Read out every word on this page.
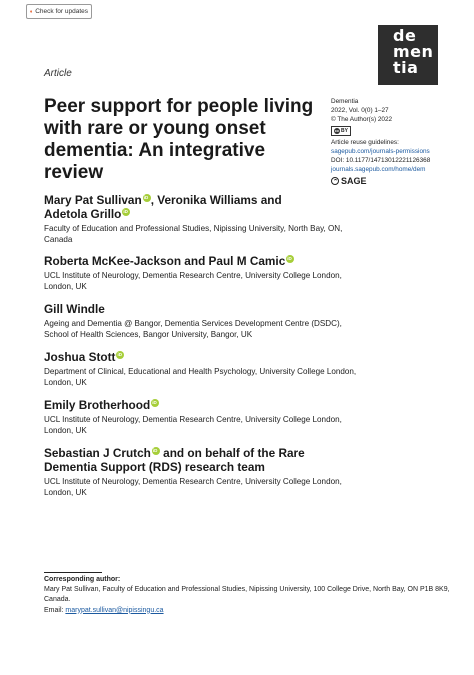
Check for updates
de
men
tia
Article
Peer support for people living with rare or young onset dementia: An integrative review
Dementia
2022, Vol. 0(0) 1–27
© The Author(s) 2022
cc BY
Article reuse guidelines:
sagepub.com/journals-permissions
DOI: 10.1177/14713012221126368
journals.sagepub.com/home/dem
SAGE
Mary Pat SullivaniD , Veronika Williams and
Adetola GrilloiD
Faculty of Education and Professional Studies, Nipissing University, North Bay, ON, Canada
Roberta McKee-Jackson and Paul M CamiciD
UCL Institute of Neurology, Dementia Research Centre, University College London, London, UK
Gill Windle
Ageing and Dementia @ Bangor, Dementia Services Development Centre (DSDC), School of Health Sciences, Bangor University, Bangor, UK
Joshua StottiD
Department of Clinical, Educational and Health Psychology, University College London, London, UK
Emily BrotherhoodiD
UCL Institute of Neurology, Dementia Research Centre, University College London, London, UK
Sebastian J CrutchiD and on behalf of the Rare
Dementia Support (RDS) research team
UCL Institute of Neurology, Dementia Research Centre, University College London, London, UK
Corresponding author:
Mary Pat Sullivan, Faculty of Education and Professional Studies, Nipissing University, 100 College Drive, North Bay, ON P1B 8K9, Canada.
Email: marypat.sullivan@nipissingu.ca
